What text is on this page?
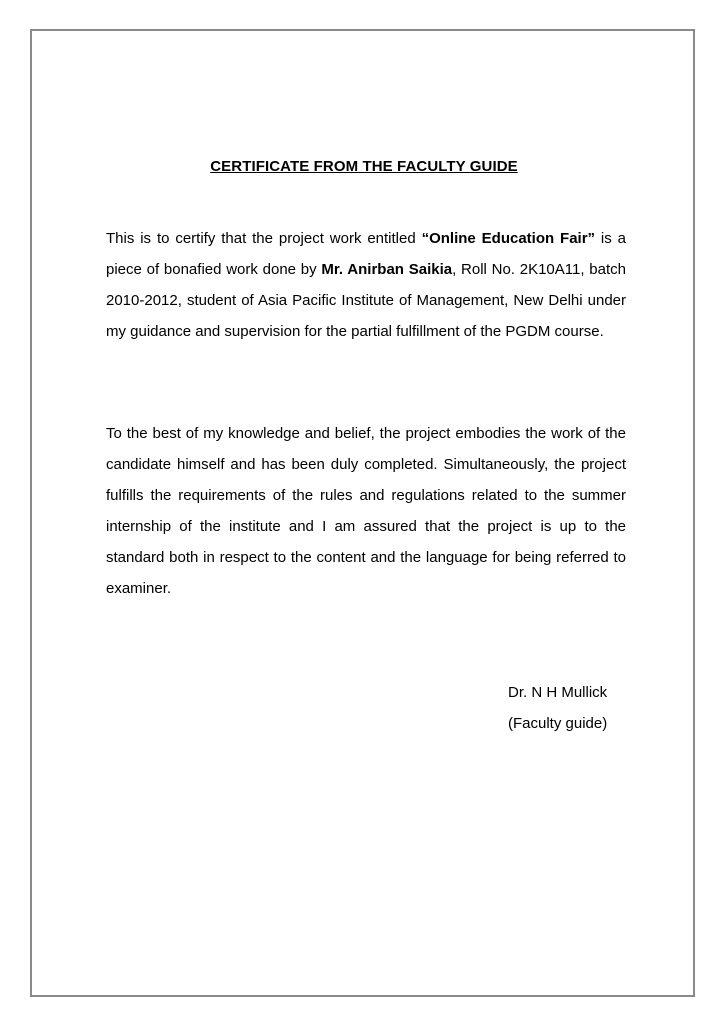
CERTIFICATE FROM THE FACULTY GUIDE

This is to certify that the project work entitled “Online Education Fair” is a piece of bonafied work done by Mr. Anirban Saikia, Roll No. 2K10A11, batch 2010-2012, student of Asia Pacific Institute of Management, New Delhi under my guidance and supervision for the partial fulfillment of the PGDM course.

To the best of my knowledge and belief, the project embodies the work of the candidate himself and has been duly completed. Simultaneously, the project fulfills the requirements of the rules and regulations related to the summer internship of the institute and I am assured that the project is up to the standard both in respect to the content and the language for being referred to examiner.

Dr. N H Mullick
(Faculty guide)
